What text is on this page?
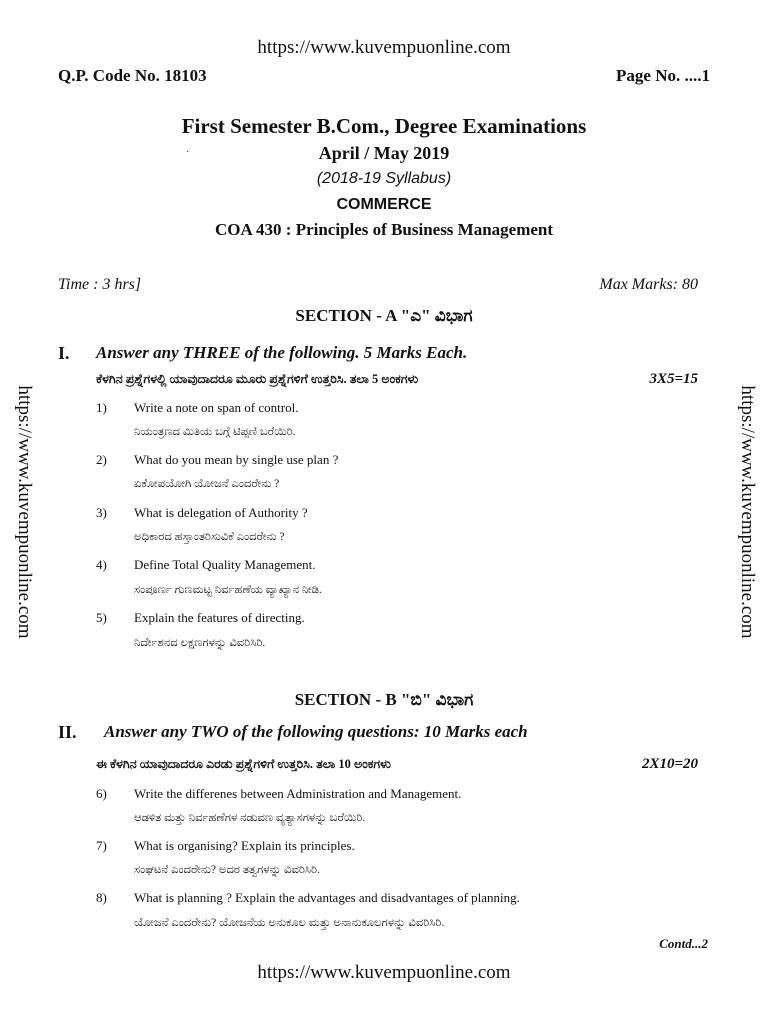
https://www.kuvempuonline.com
Q.P. Code No. 18103	Page No. ....1
First Semester B.Com., Degree Examinations
˙	April / May 2019
(2018-19 Syllabus)
COMMERCE
COA 430 : Principles of Business Management
Time : 3 hrs]	Max Marks: 80
SECTION - A "ಎ" ವಿಭಾಗ
I. Answer any THREE of the following. 5 Marks Each.
ಕೆಳಗಿನ ಪ್ರಶ್ನೆಗಳಲ್ಲಿ ಯಾವುದಾದರೂ ಮೂರು ಪ್ರಶ್ನೆಗಳಿಗೆ ಉತ್ತರಿಸಿ. ತಲಾ 5 ಅಂಕಗಳು	3X5=15
1) Write a note on span of control.
ನಿಯಂತ್ರಣದ ಮಿತಿಯ ಬಗ್ಗೆ ಟಿಪ್ಪಣಿ ಬರೆಯಿರಿ.
2) What do you mean by single use plan ?
ಏಕೋಪಯೋಗಿ ಯೋಜನೆ ಎಂದರೇನು ?
3) What is delegation of Authority ?
ಅಧಿಕಾರದ ಹಸ್ತಾಂತರಿಸುವಿಕೆ ಎಂದರೇನು ?
4) Define Total Quality Management.
ಸಂಪೂರ್ಣ ಗುಣಮಟ್ಟ ನಿರ್ವಹಣೆಯ ವ್ಯಾಖ್ಯಾನ ನೀಡಿ.
5) Explain the features of directing.
ನಿರ್ದೇಶನದ ಲಕ್ಷಣಗಳನ್ನು ವಿವರಿಸಿರಿ.
SECTION - B "ಬಿ" ವಿಭಾಗ
II. Answer any TWO of the following questions: 10 Marks each
ಈ ಕೆಳಗಿನ ಯಾವುದಾದರೂ ಎರಡು ಪ್ರಶ್ನೆಗಳಿಗೆ ಉತ್ತರಿಸಿ. ತಲಾ 10 ಅಂಕಗಳು	2X10=20
6) Write the differenes between Administration and Management.
ಆಡಳಿತ ಮತ್ತು ನಿರ್ವಹಣೆಗಳ ನಡುವಣ ವ್ಯತ್ಯಾಸಗಳನ್ನು ಬರೆಯಿರಿ.
7) What is organising? Explain its principles.
ಸಂಘಟನೆ ಎಂದರೇನು? ಅದರ ತತ್ವಗಳನ್ನು ವಿವರಿಸಿರಿ.
8) What is planning ? Explain the advantages and disadvantages of planning.
ಯೋಜನೆ ಎಂದರೇನು? ಯೋಜನೆಯ ಅನುಕೂಲ ಮತ್ತು ಅನಾನುಕೂಲಗಳನ್ನು ವಿವರಿಸಿರಿ.
Contd...2
https://www.kuvempuonline.com
https://www.kuvempuonline.com	https://www.kuvempuonline.com
